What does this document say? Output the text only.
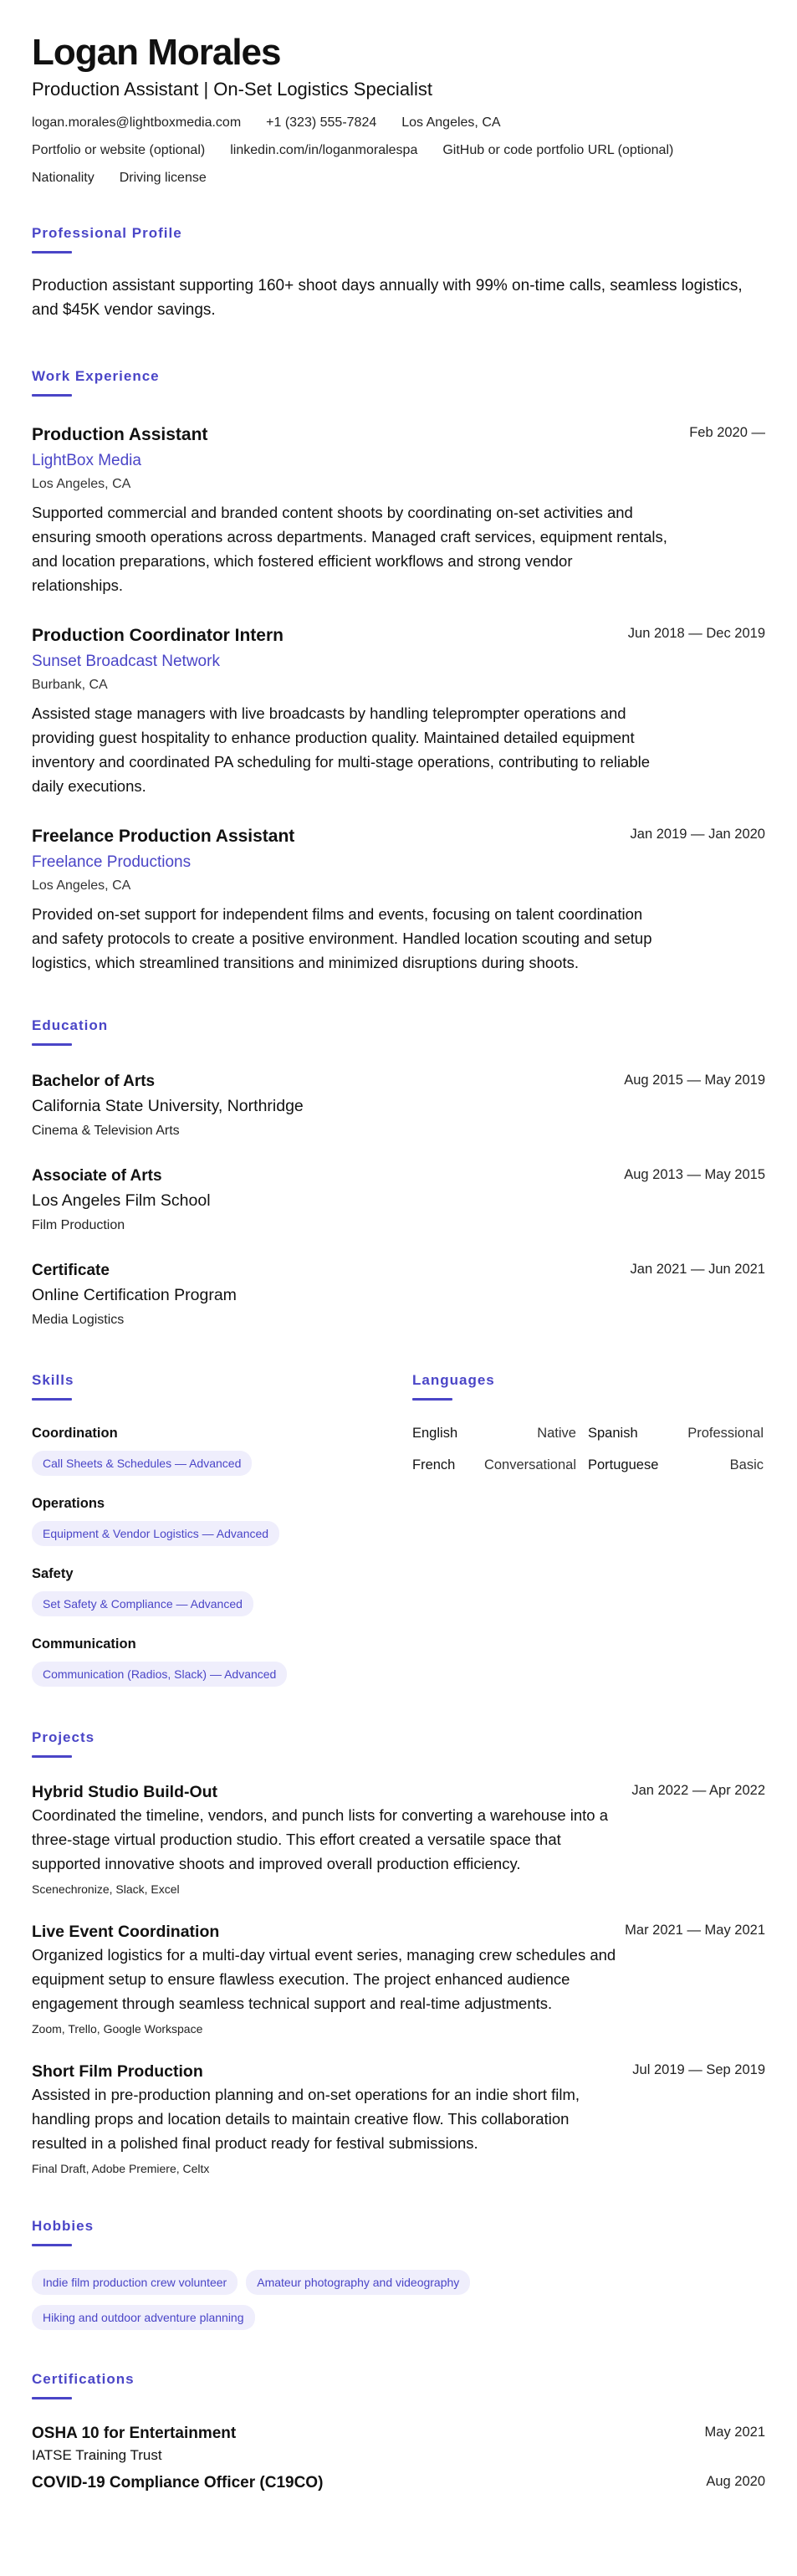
Logan Morales
Production Assistant | On-Set Logistics Specialist
logan.morales@lightboxmedia.com +1 (323) 555-7824 Los Angeles, CA
Portfolio or website (optional) linkedin.com/in/loganmoralespa GitHub or code portfolio URL (optional)
Nationality Driving license
Professional Profile
Production assistant supporting 160+ shoot days annually with 99% on-time calls, seamless logistics, and $45K vendor savings.
Work Experience
Feb 2020 —
Production Assistant
LightBox Media
Los Angeles, CA
Supported commercial and branded content shoots by coordinating on-set activities and ensuring smooth operations across departments. Managed craft services, equipment rentals, and location preparations, which fostered efficient workflows and strong vendor relationships.
Jun 2018 — Dec 2019
Production Coordinator Intern
Sunset Broadcast Network
Burbank, CA
Assisted stage managers with live broadcasts by handling teleprompter operations and providing guest hospitality to enhance production quality. Maintained detailed equipment inventory and coordinated PA scheduling for multi-stage operations, contributing to reliable daily executions.
Jan 2019 — Jan 2020
Freelance Production Assistant
Freelance Productions
Los Angeles, CA
Provided on-set support for independent films and events, focusing on talent coordination and safety protocols to create a positive environment. Handled location scouting and setup logistics, which streamlined transitions and minimized disruptions during shoots.
Education
Aug 2015 — May 2019
Bachelor of Arts
California State University, Northridge
Cinema & Television Arts
Aug 2013 — May 2015
Associate of Arts
Los Angeles Film School
Film Production
Jan 2021 — Jun 2021
Certificate
Online Certification Program
Media Logistics
Skills
Coordination
Call Sheets & Schedules — Advanced
Operations
Equipment & Vendor Logistics — Advanced
Safety
Set Safety & Compliance — Advanced
Communication
Communication (Radios, Slack) — Advanced
Languages
English	Native Spanish	Professional
French Conversational Portuguese	Basic
Projects
Jan 2022 — Apr 2022
Hybrid Studio Build-Out
Coordinated the timeline, vendors, and punch lists for converting a warehouse into a three-stage virtual production studio. This effort created a versatile space that supported innovative shoots and improved overall production efficiency.
Scenechronize, Slack, Excel
Mar 2021 — May 2021
Live Event Coordination
Organized logistics for a multi-day virtual event series, managing crew schedules and equipment setup to ensure flawless execution. The project enhanced audience engagement through seamless technical support and real-time adjustments.
Zoom, Trello, Google Workspace
Jul 2019 — Sep 2019
Short Film Production
Assisted in pre-production planning and on-set operations for an indie short film, handling props and location details to maintain creative flow. This collaboration resulted in a polished final product ready for festival submissions.
Final Draft, Adobe Premiere, Celtx
Hobbies
Indie film production crew volunteer	Amateur photography and videographyHiking and outdoor adventure planning
Certifications
May 2021
OSHA 10 for Entertainment
IATSE Training Trust
Aug 2020
COVID-19 Compliance Officer (C19CO)
